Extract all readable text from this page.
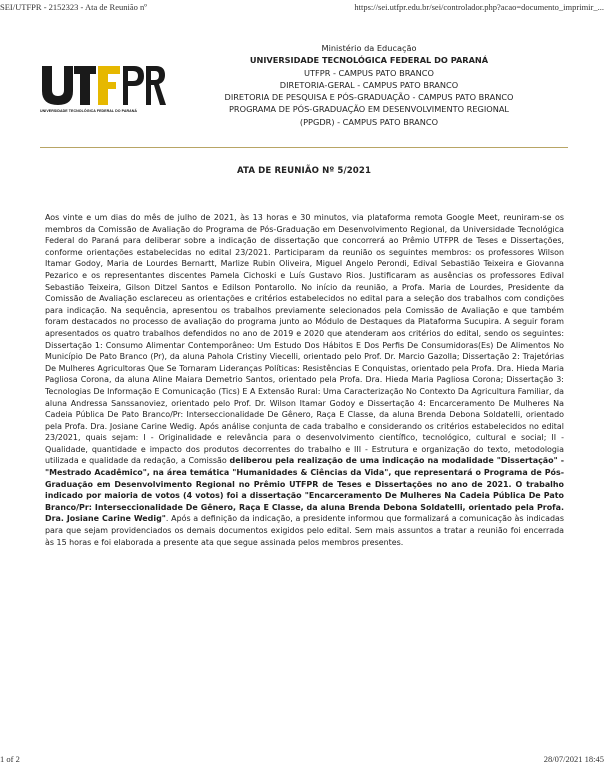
SEI/UTFPR - 2152323 - Ata de Reunião nº	https://sei.utfpr.edu.br/sei/controlador.php?acao=documento_imprimir_...
UNIVERSIDADE TECNOLÓGICA FEDERAL DO PARANÁ
Ministério da Educação
UNIVERSIDADE TECNOLÓGICA FEDERAL DO PARANÁ
UTFPR - CAMPUS PATO BRANCO
DIRETORIA-GERAL - CAMPUS PATO BRANCO
DIRETORIA DE PESQUISA E PÓS-GRADUAÇÃO - CAMPUS PATO BRANCO
PROGRAMA DE PÓS-GRADUAÇÃO EM DESENVOLVIMENTO REGIONAL
(PPGDR) - CAMPUS PATO BRANCO
ATA DE REUNIÃO Nº 5/2021
Aos vinte e um dias do mês de julho de 2021, às 13 horas e 30 minutos, via plataforma remota Google Meet, reuniram-se os membros da Comissão de Avaliação do Programa de Pós-Graduação em Desenvolvimento Regional, da Universidade Tecnológica Federal do Paraná para deliberar sobre a indicação de dissertação que concorrerá ao Prêmio UTFPR de Teses e Dissertações, conforme orientações estabelecidas no edital 23/2021. Participaram da reunião os seguintes membros: os professores Wilson Itamar Godoy, Maria de Lourdes Bernartt, Marlize Rubin Oliveira, Miguel Angelo Perondi, Edival Sebastião Teixeira e Giovanna Pezarico e os representantes discentes Pamela Cichoski e Luís Gustavo Rios. Justificaram as ausências os professores Edival Sebastião Teixeira, Gilson Ditzel Santos e Edilson Pontarollo. No início da reunião, a Profa. Maria de Lourdes, Presidente da Comissão de Avaliação esclareceu as orientações e critérios estabelecidos no edital para a seleção dos trabalhos com condições para indicação. Na sequência, apresentou os trabalhos previamente selecionados pela Comissão de Avaliação e que também foram destacados no processo de avaliação do programa junto ao Módulo de Destaques da Plataforma Sucupira. A seguir foram apresentados os quatro trabalhos defendidos no ano de 2019 e 2020 que atenderam aos critérios do edital, sendo os seguintes: Dissertação 1: Consumo Alimentar Contemporâneo: Um Estudo Dos Hábitos E Dos Perfis De Consumidoras(Es) De Alimentos No Município De Pato Branco (Pr), da aluna Pahola Cristiny Viecelli, orientado pelo Prof. Dr. Marcio Gazolla; Dissertação 2: Trajetórias De Mulheres Agricultoras Que Se Tornaram Lideranças Políticas: Resistências E Conquistas, orientado pela Profa. Dra. Hieda Maria Pagliosa Corona, da aluna Aline Maiara Demetrio Santos, orientado pela Profa. Dra. Hieda Maria Pagliosa Corona; Dissertação 3: Tecnologias De Informação E Comunicação (Tics) E A Extensão Rural: Uma Caracterização No Contexto Da Agricultura Familiar, da aluna Andressa Sanssanoviez, orientado pelo Prof. Dr. Wilson Itamar Godoy e Dissertação 4: Encarceramento De Mulheres Na Cadeia Pública De Pato Branco/Pr: Interseccionalidade De Gênero, Raça E Classe, da aluna Brenda Debona Soldatelli, orientado pela Profa. Dra. Josiane Carine Wedig. Após análise conjunta de cada trabalho e considerando os critérios estabelecidos no edital 23/2021, quais sejam: I - Originalidade e relevância para o desenvolvimento científico, tecnológico, cultural e social; II - Qualidade, quantidade e impacto dos produtos decorrentes do trabalho e III - Estrutura e organização do texto, metodologia utilizada e qualidade da redação, a Comissão deliberou pela realização de uma indicação na modalidade "Dissertação" - "Mestrado Acadêmico", na área temática "Humanidades & Ciências da Vida", que representará o Programa de Pós-Graduação em Desenvolvimento Regional no Prêmio UTFPR de Teses e Dissertações no ano de 2021. O trabalho indicado por maioria de votos (4 votos) foi a dissertação "Encarceramento De Mulheres Na Cadeia Pública De Pato Branco/Pr: Interseccionalidade De Gênero, Raça E Classe, da aluna Brenda Debona Soldatelli, orientado pela Profa. Dra. Josiane Carine Wedig". Após a definição da indicação, a presidente informou que formalizará a comunicação às indicadas para que sejam providenciados os demais documentos exigidos pelo edital. Sem mais assuntos a tratar a reunião foi encerrada às 15 horas e foi elaborada a presente ata que segue assinada pelos membros presentes.
1 of 2	28/07/2021 18:45
